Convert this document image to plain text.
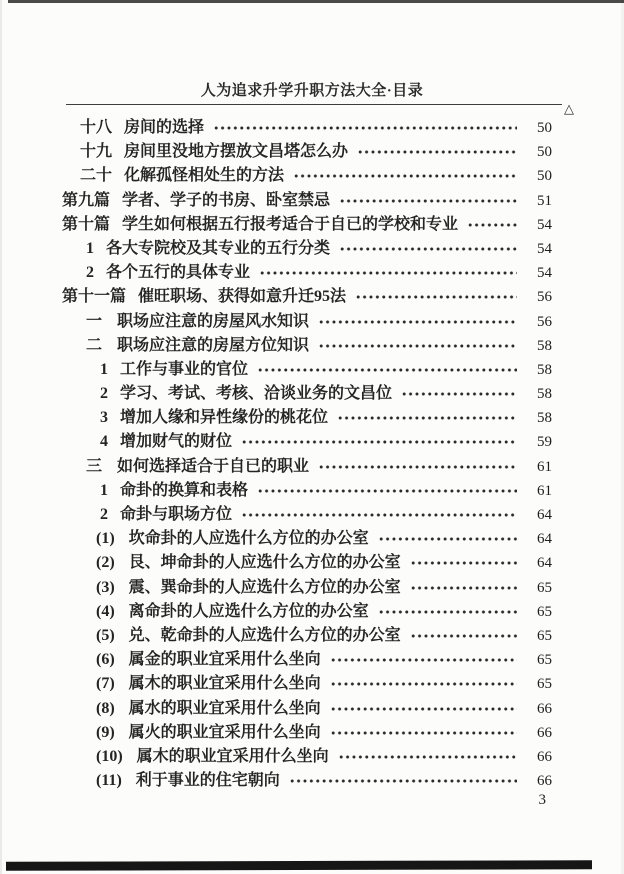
人为追求升学升职方法大全·目录
△
十八 房间的选择	50
十九 房间里没地方摆放文昌塔怎么办	50
二十 化解孤怪相处生的方法	50
第九篇 学者、学子的书房、卧室禁忌	51
第十篇 学生如何根据五行报考适合于自已的学校和专业	54
1 各大专院校及其专业的五行分类	54
2 各个五行的具体专业	54
第十一篇 催旺职场、获得如意升迁95法	56
一 职场应注意的房屋风水知识	56
二 职场应注意的房屋方位知识	58
1 工作与事业的官位	58
2 学习、考试、考核、洽谈业务的文昌位	58
3 增加人缘和异性缘份的桃花位	58
4 增加财气的财位	59
三 如何选择适合于自已的职业	61
1 命卦的换算和表格	61
2 命卦与职场方位	64
(1) 坎命卦的人应选什么方位的办公室	64
(2) 艮、坤命卦的人应选什么方位的办公室	64
(3) 震、巽命卦的人应选什么方位的办公室	65
(4) 离命卦的人应选什么方位的办公室	65
(5) 兑、乾命卦的人应选什么方位的办公室	65
(6) 属金的职业宜采用什么坐向	65
(7) 属木的职业宜采用什么坐向	65
(8) 属水的职业宜采用什么坐向	66
(9) 属火的职业宜采用什么坐向	66
(10) 属木的职业宜采用什么坐向	66
(11) 利于事业的住宅朝向	66
3
